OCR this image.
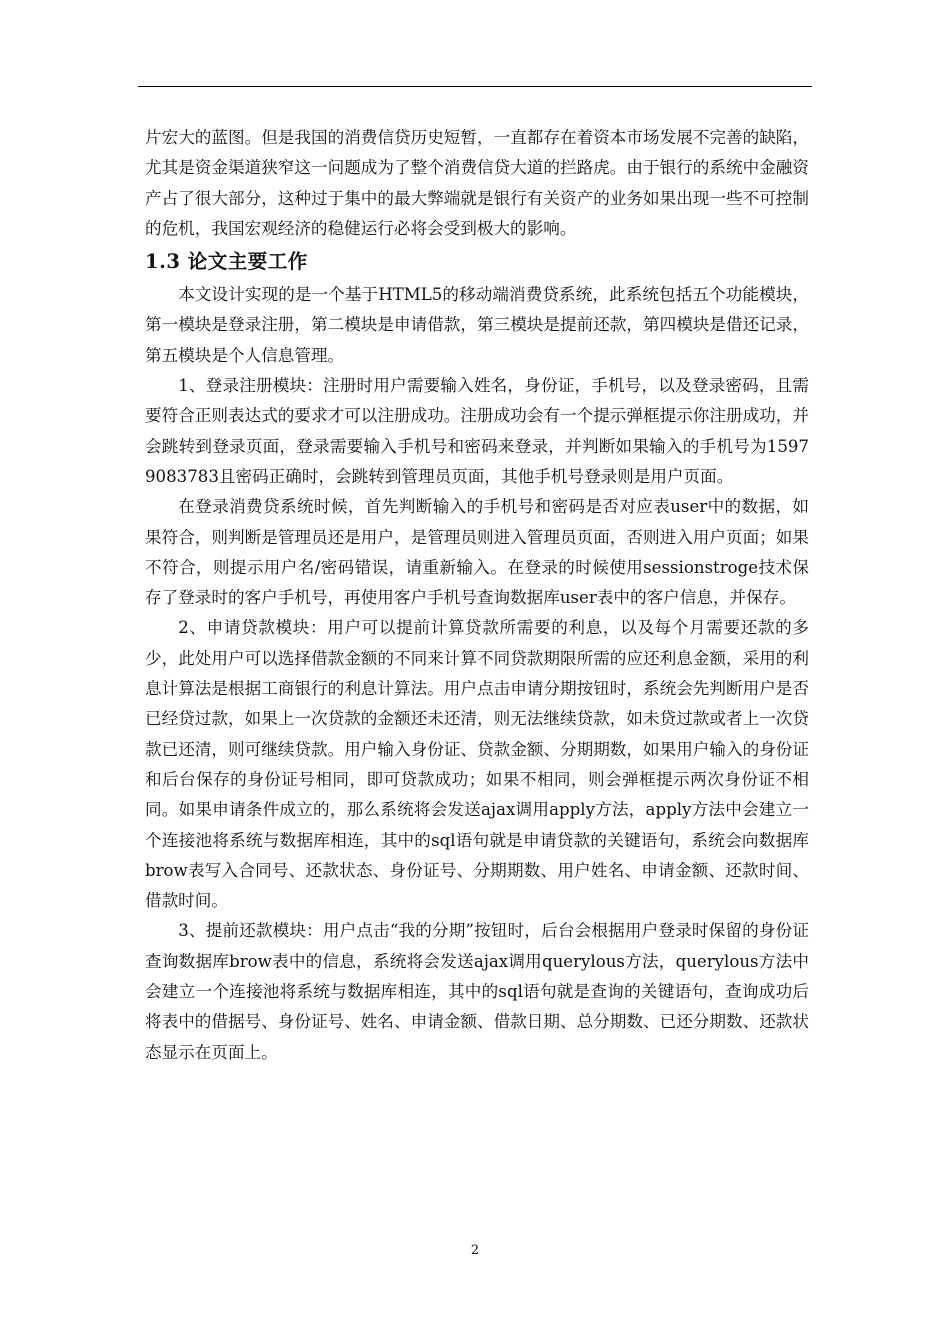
片宏大的蓝图。但是我国的消费信贷历史短暂，一直都存在着资本市场发展不完善的缺陷，尤其是资金渠道狭窄这一问题成为了整个消费信贷大道的拦路虎。由于银行的系统中金融资产占了很大部分，这种过于集中的最大弊端就是银行有关资产的业务如果出现一些不可控制的危机，我国宏观经济的稳健运行必将会受到极大的影响。

1.3 论文主要工作

本文设计实现的是一个基于HTML5的移动端消费贷系统，此系统包括五个功能模块，第一模块是登录注册，第二模块是申请借款，第三模块是提前还款，第四模块是借还记录，第五模块是个人信息管理。

1、登录注册模块：注册时用户需要输入姓名，身份证，手机号，以及登录密码，且需要符合正则表达式的要求才可以注册成功。注册成功会有一个提示弹框提示你注册成功，并会跳转到登录页面，登录需要输入手机号和密码来登录，并判断如果输入的手机号为15979083783且密码正确时，会跳转到管理员页面，其他手机号登录则是用户页面。

在登录消费贷系统时候，首先判断输入的手机号和密码是否对应表user中的数据，如果符合，则判断是管理员还是用户，是管理员则进入管理员页面，否则进入用户页面；如果不符合，则提示用户名/密码错误，请重新输入。在登录的时候使用sessionstroge技术保存了登录时的客户手机号，再使用客户手机号查询数据库user表中的客户信息，并保存。

2、申请贷款模块：用户可以提前计算贷款所需要的利息，以及每个月需要还款的多少，此处用户可以选择借款金额的不同来计算不同贷款期限所需的应还利息金额，采用的利息计算法是根据工商银行的利息计算法。用户点击申请分期按钮时，系统会先判断用户是否已经贷过款，如果上一次贷款的金额还未还清，则无法继续贷款，如未贷过款或者上一次贷款已还清，则可继续贷款。用户输入身份证、贷款金额、分期期数，如果用户输入的身份证和后台保存的身份证号相同，即可贷款成功；如果不相同，则会弹框提示两次身份证不相同。如果申请条件成立的，那么系统将会发送ajax调用apply方法，apply方法中会建立一个连接池将系统与数据库相连，其中的sql语句就是申请贷款的关键语句，系统会向数据库brow表写入合同号、还款状态、身份证号、分期期数、用户姓名、申请金额、还款时间、借款时间。

3、提前还款模块：用户点击“我的分期”按钮时，后台会根据用户登录时保留的身份证查询数据库brow表中的信息，系统将会发送ajax调用querylous方法，querylous方法中会建立一个连接池将系统与数据库相连，其中的sql语句就是查询的关键语句，查询成功后将表中的借据号、身份证号、姓名、申请金额、借款日期、总分期数、已还分期数、还款状态显示在页面上。

2
